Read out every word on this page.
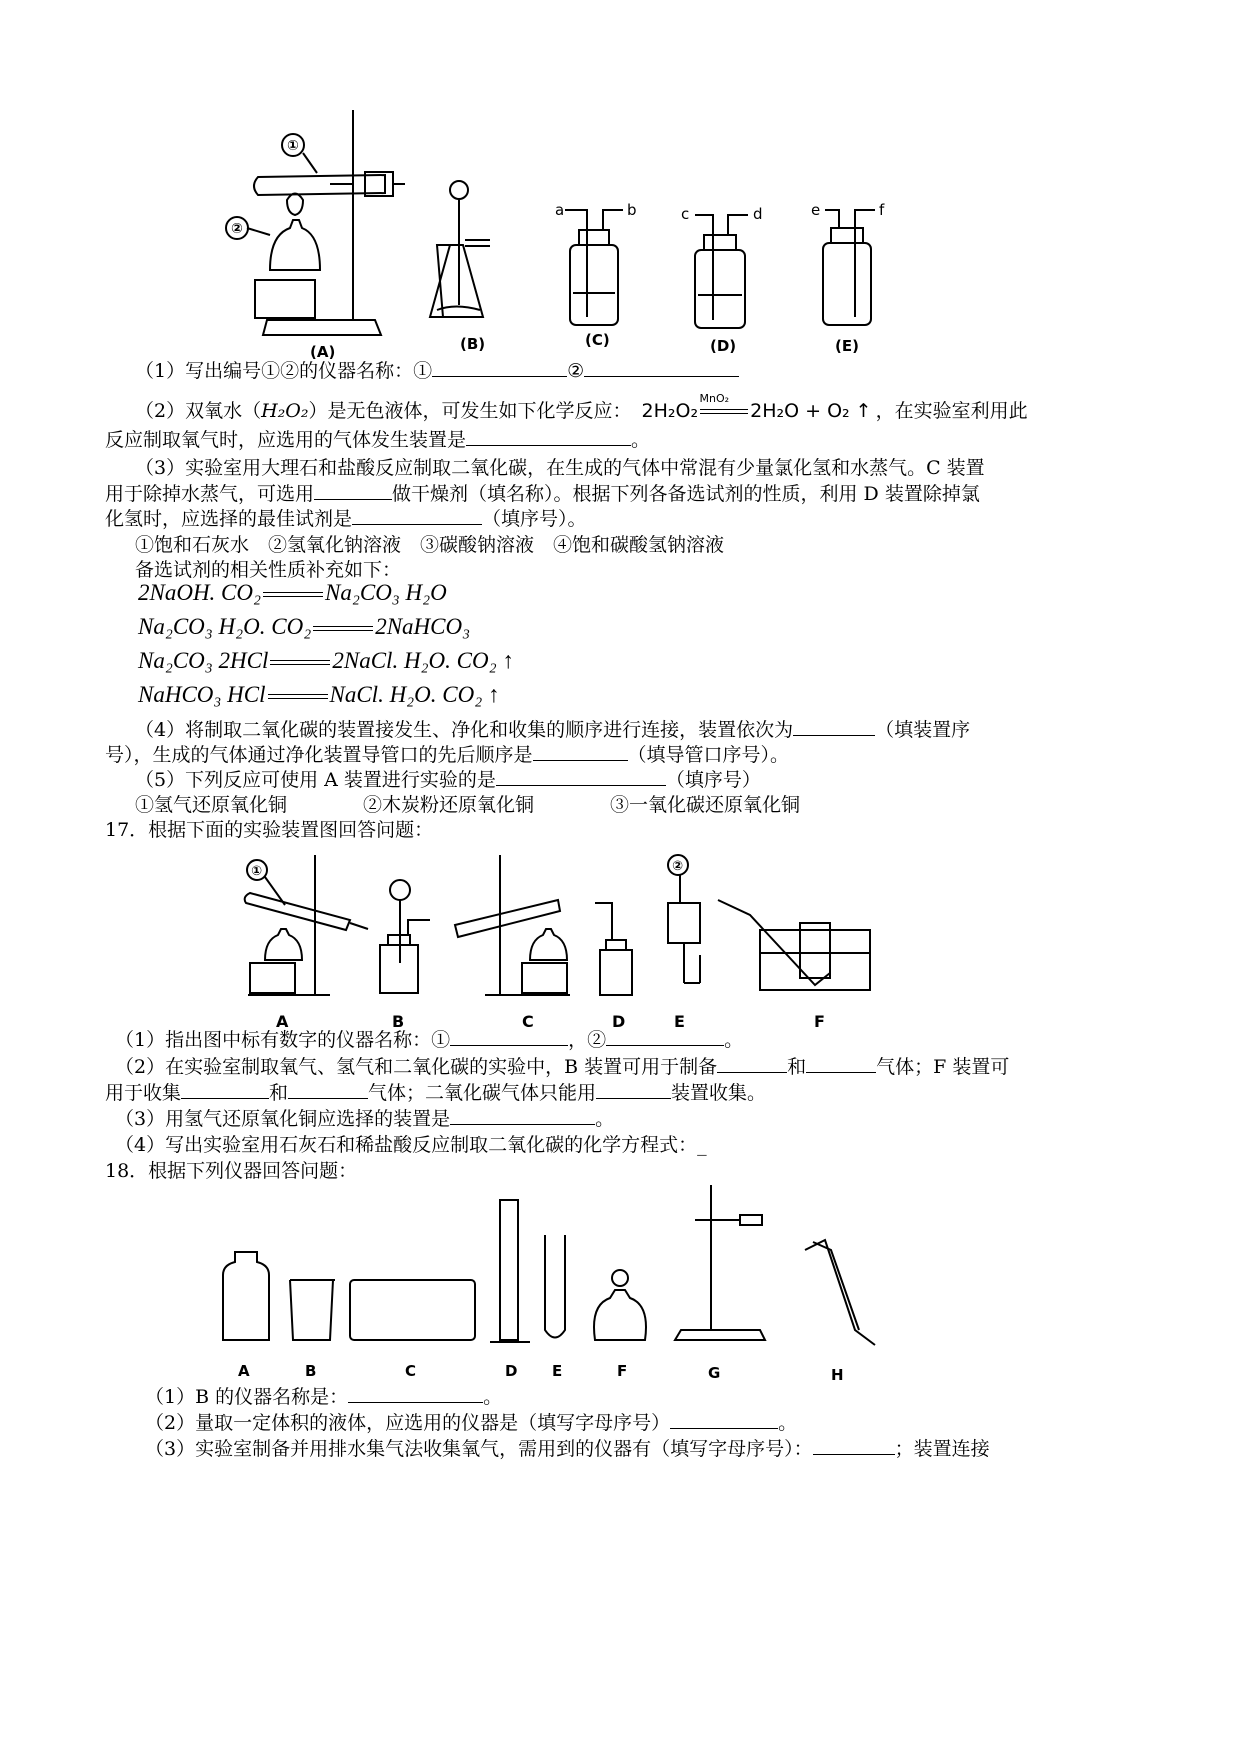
①
②
a	b	c	d	e	f
(A)	(B)	(C)	(D)	(E)
（1）写出编号①②的仪器名称：①	②
（2）双氧水（H₂O₂）是无色液体，可发生如下化学反应：
MnO₂
2H₂O₂	2H₂O + O₂ ↑ ，在实验室利用此
反应制取氧气时，应选用的气体发生装置是	。
（3）实验室用大理石和盐酸反应制取二氧化碳，在生成的气体中常混有少量氯化氢和水蒸气。C 装置
用于除掉水蒸气，可选用	做干燥剂（填名称）。根据下列各备选试剂的性质，利用 D 装置除掉氯
化氢时，应选择的最佳试剂是	（填序号）。
①饱和石灰水　②氢氧化钠溶液　③碳酸钠溶液　④饱和碳酸氢钠溶液
备选试剂的相关性质补充如下：
2NaOH. CO₂	Na₂CO₃ H₂O
Na₂CO₃ H₂O. CO₂	2NaHCO₃
Na₂CO₃ 2HCl	2NaCl. H₂O. CO₂ ↑
NaHCO₃ HCl	NaCl. H₂O. CO₂ ↑
（4）将制取二氧化碳的装置接发生、净化和收集的顺序进行连接，装置依次为	（填装置序
号），生成的气体通过净化装置导管口的先后顺序是	（填导管口序号）。
（5）下列反应可使用 A 装置进行实验的是	（填序号）
①氢气还原氧化铜　　　　②木炭粉还原氧化铜　　　　③一氧化碳还原氧化铜
17．根据下面的实验装置图回答问题：
①	②
A	B	C	D	E	F
（1）指出图中标有数字的仪器名称：①	，②	。
（2）在实验室制取氧气、氢气和二氧化碳的实验中，B 装置可用于制备	和	气体；F 装置可
用于收集	和	气体；二氧化碳气体只能用	装置收集。
（3）用氢气还原氧化铜应选择的装置是	。
（4）写出实验室用石灰石和稀盐酸反应制取二氧化碳的化学方程式：_
18．根据下列仪器回答问题：
A	B	C	D E	F	G	H
（1）B 的仪器名称是：	。
（2）量取一定体积的液体，应选用的仪器是（填写字母序号）	。
（3）实验室制备并用排水集气法收集氧气，需用到的仪器有（填写字母序号）：	；装置连接
